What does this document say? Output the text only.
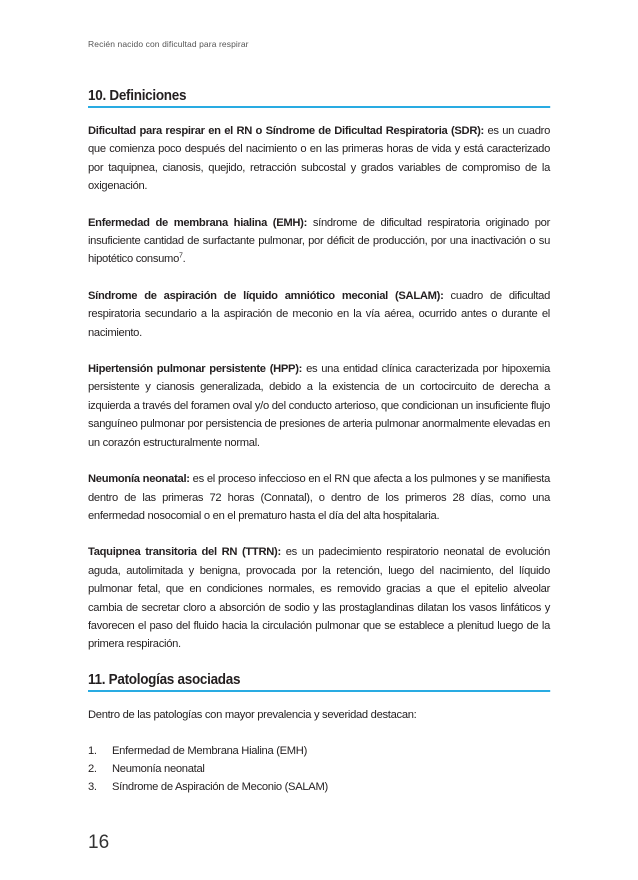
Recién nacido con dificultad para respirar
10. Definiciones

Dificultad para respirar en el RN o Síndrome de Dificultad Respiratoria (SDR): es un cuadro que comienza poco después del nacimiento o en las primeras horas de vida y está caracterizado por taquipnea, cianosis, quejido, retracción subcostal y grados variables de compromiso de la oxigenación.

Enfermedad de membrana hialina (EMH): síndrome de dificultad respiratoria originado por insuficiente cantidad de surfactante pulmonar, por déficit de producción, por una inactivación o su hipotético consumo$^7$.

Síndrome de aspiración de líquido amniótico meconial (SALAM): cuadro de dificultad respiratoria secundario a la aspiración de meconio en la vía aérea, ocurrido antes o durante el nacimiento.

Hipertensión pulmonar persistente (HPP): es una entidad clínica caracterizada por hipoxemia persistente y cianosis generalizada, debido a la existencia de un cortocircuito de derecha a izquierda a través del foramen oval y/o del conducto arterioso, que condicionan un insuficiente flujo sanguíneo pulmonar por persistencia de presiones de arteria pulmonar anormalmente elevadas en un corazón estructuralmente normal.

Neumonía neonatal: es el proceso infeccioso en el RN que afecta a los pulmones y se manifiesta dentro de las primeras 72 horas (Connatal), o dentro de los primeros 28 días, como una enfermedad nosocomial o en el prematuro hasta el día del alta hospitalaria.

Taquipnea transitoria del RN (TTRN): es un padecimiento respiratorio neonatal de evolución aguda, autolimitada y benigna, provocada por la retención, luego del nacimiento, del líquido pulmonar fetal, que en condiciones normales, es removido gracias a que el epitelio alveolar cambia de secretar cloro a absorción de sodio y las prostaglandinas dilatan los vasos linfáticos y favorecen el paso del fluido hacia la circulación pulmonar que se establece a plenitud luego de la primera respiración.

11. Patologías asociadas

Dentro de las patologías con mayor prevalencia y severidad destacan:

1.	Enfermedad de Membrana Hialina (EMH)
2.	Neumonía neonatal
3.	Síndrome de Aspiración de Meconio (SALAM)
16
